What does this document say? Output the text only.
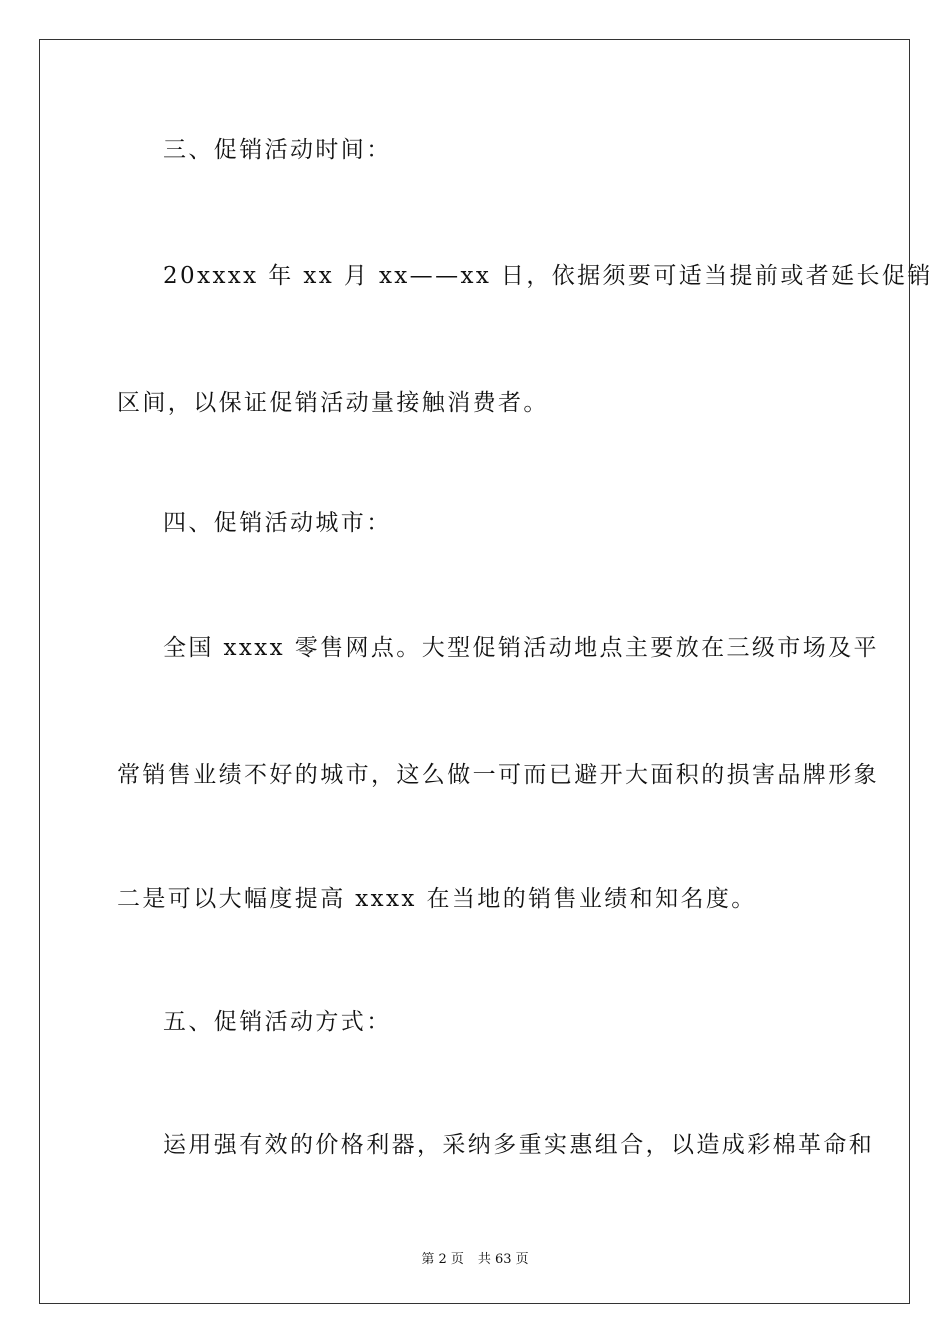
三、促销活动时间：
20xxxx 年 xx 月 xx——xx 日，依据须要可适当提前或者延长促销
区间，以保证促销活动量接触消费者。
四、促销活动城市：
全国 xxxx 零售网点。大型促销活动地点主要放在三级市场及平
常销售业绩不好的城市，这么做一可而已避开大面积的损害品牌形象
二是可以大幅度提高 xxxx 在当地的销售业绩和知名度。
五、促销活动方式：
运用强有效的价格利器，采纳多重实惠组合，以造成彩棉革命和
第 2 页 共 63 页
